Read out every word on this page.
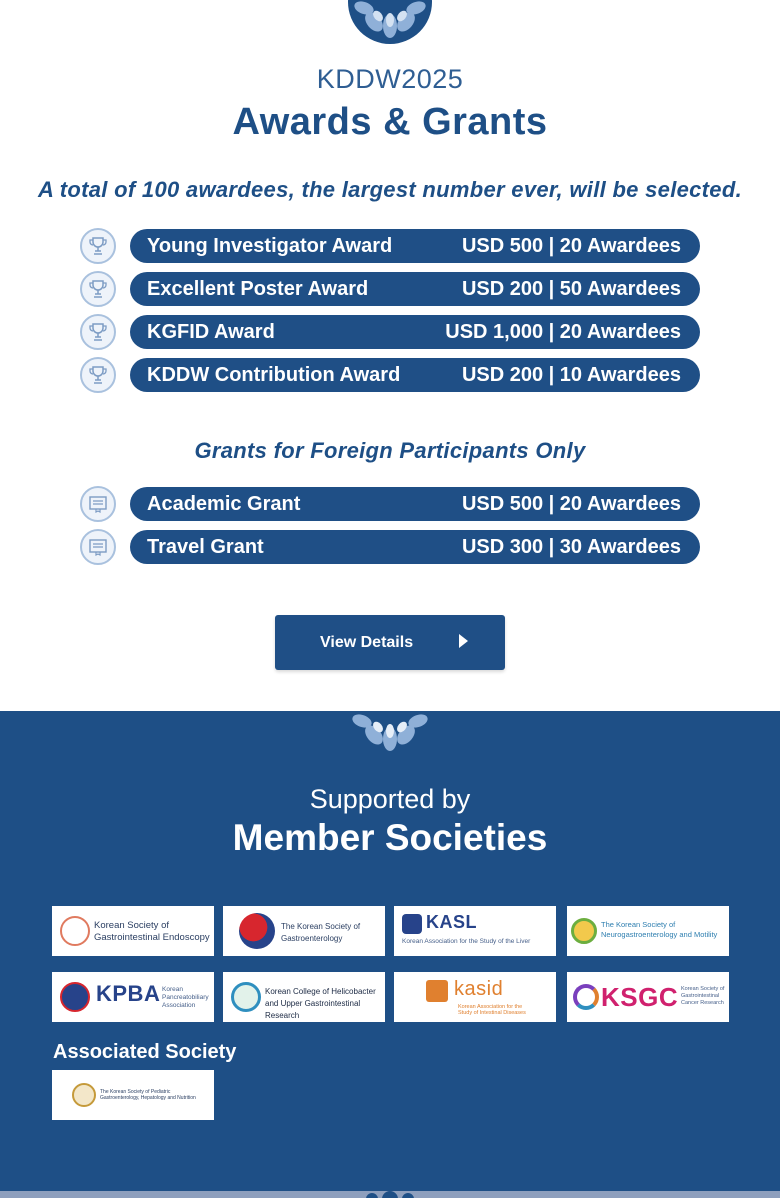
KDDW2025
Awards & Grants

A total of 100 awardees, the largest number ever, will be selected.

Young Investigator Award	USD 500 | 20 Awardees
Excellent Poster Award	USD 200 | 50 Awardees
KGFID Award	USD 1,000 | 20 Awardees
KDDW Contribution Award	USD 200 | 10 Awardees
Grants for Foreign Participants Only
Academic Grant	USD 500 | 20 Awardees
Travel Grant	USD 300 | 30 Awardees
View Details
Supported by
Member Societies
Korean Society of Gastrointestinal Endoscopy
The Korean Society of Gastroenterology
KASL
Korean Association for the Study of the Liver
The Korean Society of Neurogastroenterology and Motility
KPBA Korean Pancreatobiliary Association
Korean College of Helicobacter and Upper Gastrointestinal Research
kasid
Korean Association for the Study of Intestinal Diseases
KSGC Korean Society of Gastrointestinal Cancer Research
Associated Society
The Korean Society of Pediatric Gastroenterology, Hepatology and Nutrition
